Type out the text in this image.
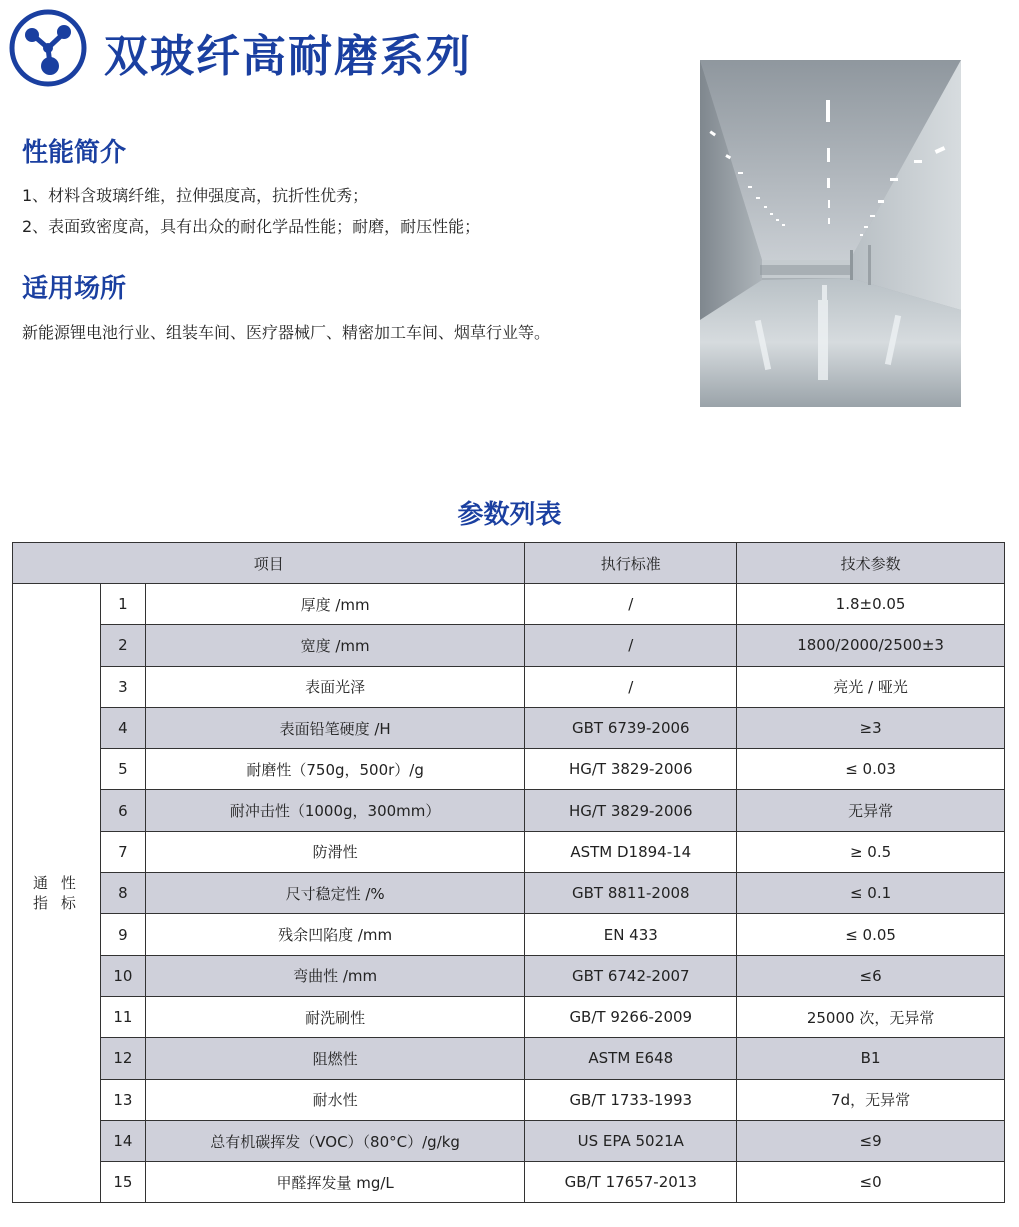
双玻纤高耐磨系列
性能简介
1、材料含玻璃纤维，拉伸强度高，抗折性优秀；
2、表面致密度高，具有出众的耐化学品性能；耐磨，耐压性能；
适用场所
新能源锂电池行业、组装车间、医疗器械厂、精密加工车间、烟草行业等。
参数列表
项目			执行标准	技术参数
通 性
指 标	1	厚度 /mm	/	1.8±0.05
	2	宽度 /mm	/	1800/2000/2500±3
	3	表面光泽	/	亮光 / 哑光
	4	表面铅笔硬度 /H	GBT 6739-2006	≥3
	5	耐磨性（750g，500r）/g	HG/T 3829-2006	≤ 0.03
	6	耐冲击性（1000g，300mm）	HG/T 3829-2006	无异常
	7	防滑性	ASTM D1894-14	≥ 0.5
	8	尺寸稳定性 /%	GBT 8811-2008	≤ 0.1
	9	残余凹陷度 /mm	EN 433	≤ 0.05
	10	弯曲性 /mm	GBT 6742-2007	≤6
	11	耐洗刷性	GB/T 9266-2009	25000 次，无异常
	12	阻燃性	ASTM E648	B1
	13	耐水性	GB/T 1733-1993	7d，无异常
	14	总有机碳挥发（VOC）（80°C）/g/kg	US EPA 5021A	≤9
	15	甲醛挥发量 mg/L	GB/T 17657-2013	≤0
